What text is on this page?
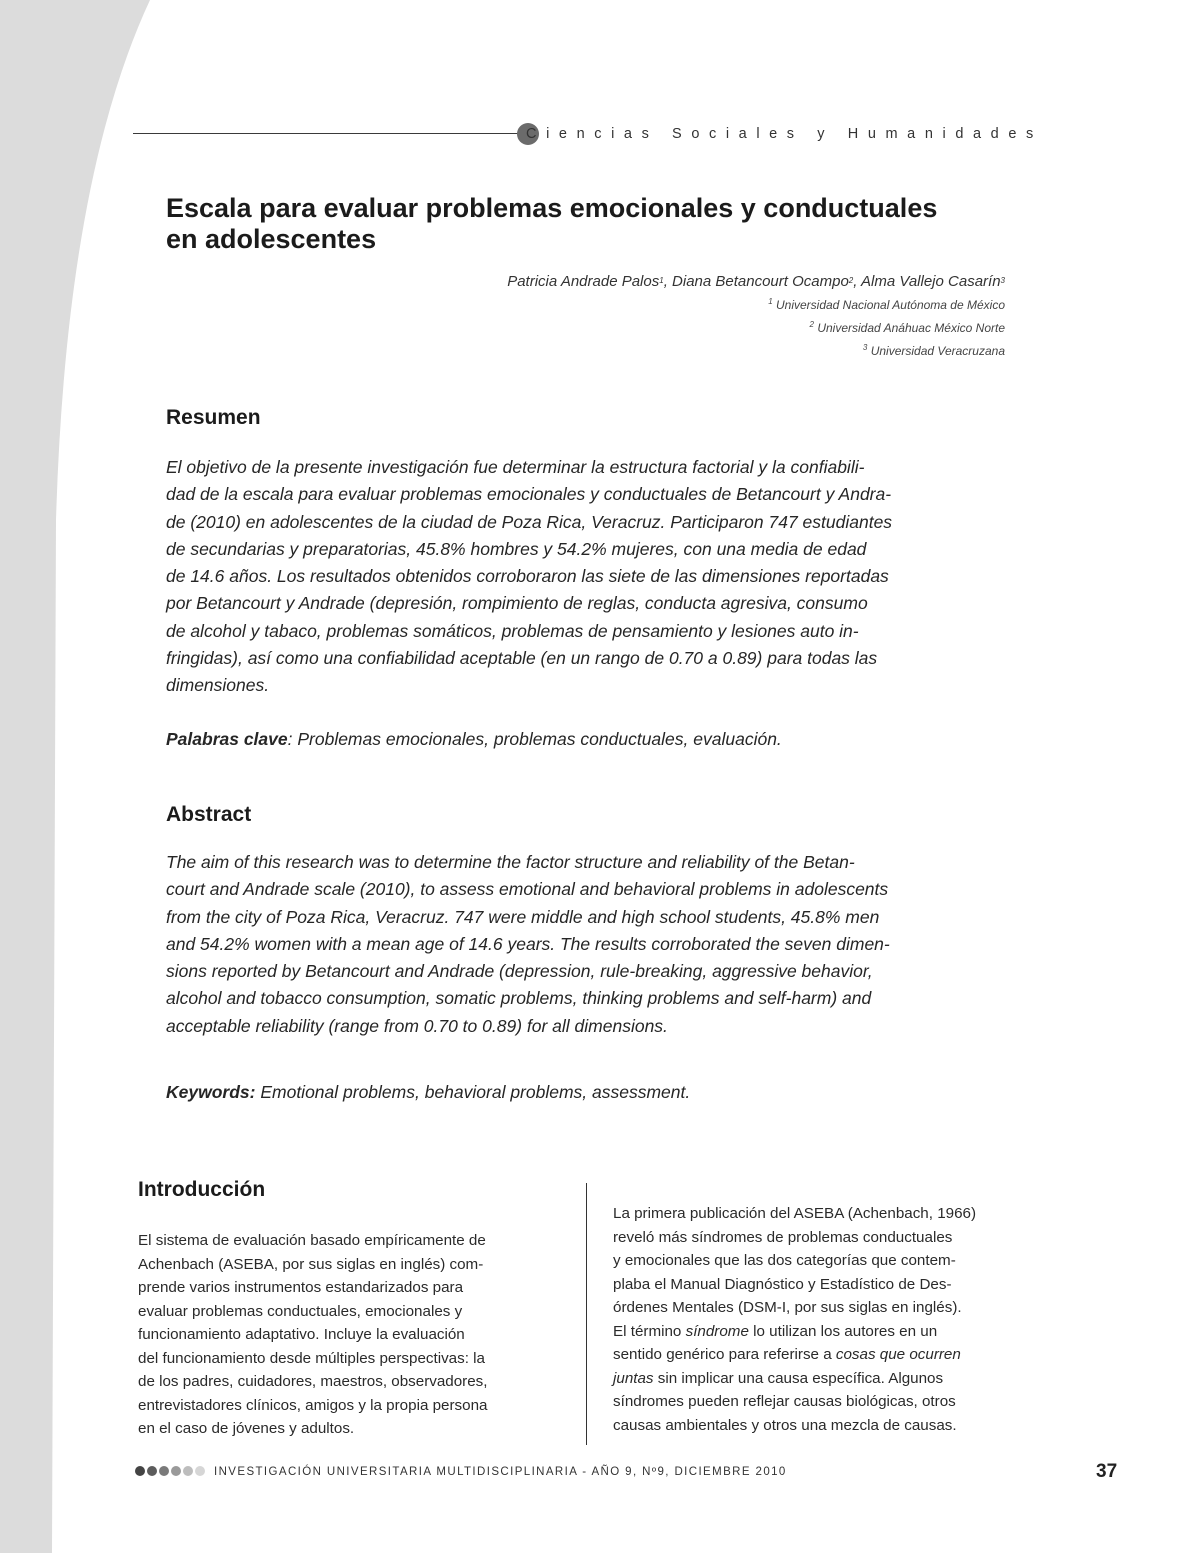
Ciencias Sociales y Humanidades
Escala para evaluar problemas emocionales y conductuales
en adolescentes
Patricia Andrade Palos$^1$, Diana Betancourt Ocampo$^2$, Alma Vallejo Casarín$^3$
$^1$ Universidad Nacional Autónoma de México
$^2$ Universidad Anáhuac México Norte
$^3$ Universidad Veracruzana
Resumen

El objetivo de la presente investigación fue determinar la estructura factorial y la confiabili-
dad de la escala para evaluar problemas emocionales y conductuales de Betancourt y Andra-
de (2010) en adolescentes de la ciudad de Poza Rica, Veracruz. Participaron 747 estudiantes
de secundarias y preparatorias, 45.8% hombres y 54.2% mujeres, con una media de edad
de 14.6 años. Los resultados obtenidos corroboraron las siete de las dimensiones reportadas
por Betancourt y Andrade (depresión, rompimiento de reglas, conducta agresiva, consumo
de alcohol y tabaco, problemas somáticos, problemas de pensamiento y lesiones auto in-
fringidas), así como una confiabilidad aceptable (en un rango de 0.70 a 0.89) para todas las
dimensiones.

Palabras clave: Problemas emocionales, problemas conductuales, evaluación.

Abstract

The aim of this research was to determine the factor structure and reliability of the Betan-
court and Andrade scale (2010), to assess emotional and behavioral problems in adolescents
from the city of Poza Rica, Veracruz. 747 were middle and high school students, 45.8% men
and 54.2% women with a mean age of 14.6 years. The results corroborated the seven dimen-
sions reported by Betancourt and Andrade (depression, rule-breaking, aggressive behavior,
alcohol and tobacco consumption, somatic problems, thinking problems and self-harm) and
acceptable reliability (range from 0.70 to 0.89) for all dimensions.

Keywords: Emotional problems, behavioral problems, assessment.

Introducción

El sistema de evaluación basado empíricamente de
Achenbach (ASEBA, por sus siglas en inglés) com-
prende varios instrumentos estandarizados para
evaluar problemas conductuales, emocionales y
funcionamiento adaptativo. Incluye la evaluación
del funcionamiento desde múltiples perspectivas: la
de los padres, cuidadores, maestros, observadores,
entrevistadores clínicos, amigos y la propia persona
en el caso de jóvenes y adultos.

La primera publicación del ASEBA (Achenbach, 1966)
reveló más síndromes de problemas conductuales
y emocionales que las dos categorías que contem-
plaba el Manual Diagnóstico y Estadístico de Des-
órdenes Mentales (DSM-I, por sus siglas en inglés).
El término síndrome lo utilizan los autores en un
sentido genérico para referirse a cosas que ocurren
juntas sin implicar una causa específica. Algunos
síndromes pueden reflejar causas biológicas, otros
causas ambientales y otros una mezcla de causas.

INVESTIGACIÓN UNIVERSITARIA MULTIDISCIPLINARIA - AÑO 9, Nº9, DICIEMBRE 2010	37
